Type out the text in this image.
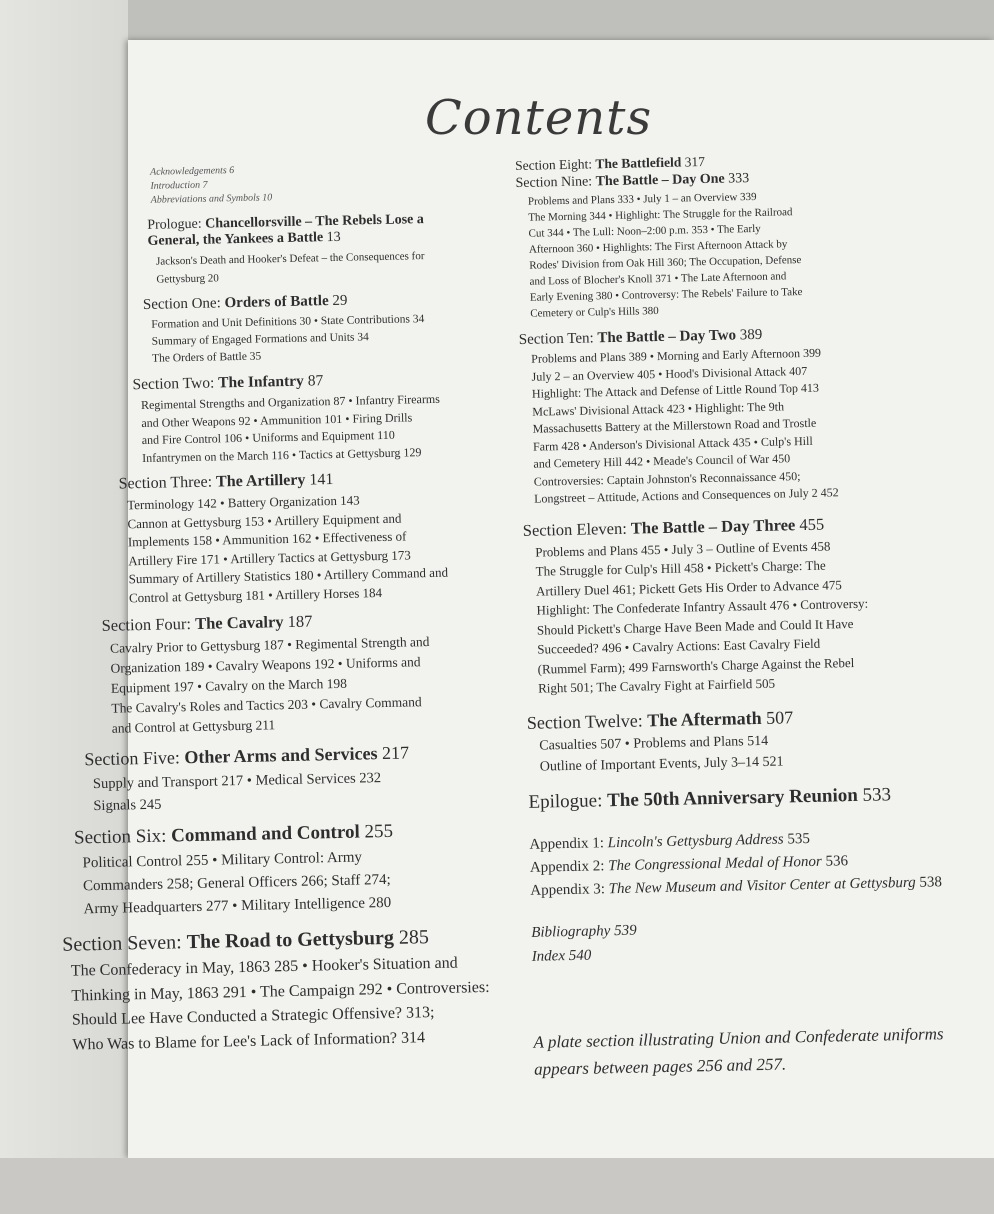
Contents

Acknowledgements 6

Introduction 7

Abbreviations and Symbols 10

Prologue: Chancellorsville – The Rebels Lose a

General, the Yankees a Battle 13

Jackson's Death and Hooker's Defeat – the Consequences for

Gettysburg 20

Section One: Orders of Battle 29

Formation and Unit Definitions 30 • State Contributions 34

Summary of Engaged Formations and Units 34

The Orders of Battle 35

Section Two: The Infantry 87

Regimental Strengths and Organization 87 • Infantry Firearms

and Other Weapons 92 • Ammunition 101 • Firing Drills

and Fire Control 106 • Uniforms and Equipment 110

Infantrymen on the March 116 • Tactics at Gettysburg 129

Section Three: The Artillery 141

Terminology 142 • Battery Organization 143

Cannon at Gettysburg 153 • Artillery Equipment and

Implements 158 • Ammunition 162 • Effectiveness of

Artillery Fire 171 • Artillery Tactics at Gettysburg 173

Summary of Artillery Statistics 180 • Artillery Command and

Control at Gettysburg 181 • Artillery Horses 184

Section Four: The Cavalry 187

Cavalry Prior to Gettysburg 187 • Regimental Strength and

Organization 189 • Cavalry Weapons 192 • Uniforms and

Equipment 197 • Cavalry on the March 198

The Cavalry's Roles and Tactics 203 • Cavalry Command

and Control at Gettysburg 211

Section Five: Other Arms and Services 217

Supply and Transport 217 • Medical Services 232

Signals 245

Section Six: Command and Control 255

Political Control 255 • Military Control: Army

Commanders 258; General Officers 266; Staff 274;

Army Headquarters 277 • Military Intelligence 280

Section Seven: The Road to Gettysburg 285

The Confederacy in May, 1863 285 • Hooker's Situation and

Thinking in May, 1863 291 • The Campaign 292 • Controversies:

Should Lee Have Conducted a Strategic Offensive? 313;

Who Was to Blame for Lee's Lack of Information? 314

Section Eight: The Battlefield 317

Section Nine: The Battle – Day One 333

Problems and Plans 333 • July 1 – an Overview 339

The Morning 344 • Highlight: The Struggle for the Railroad

Cut 344 • The Lull: Noon–2:00 p.m. 353 • The Early

Afternoon 360 • Highlights: The First Afternoon Attack by

Rodes' Division from Oak Hill 360; The Occupation, Defense

and Loss of Blocher's Knoll 371 • The Late Afternoon and

Early Evening 380 • Controversy: The Rebels' Failure to Take

Cemetery or Culp's Hills 380

Section Ten: The Battle – Day Two 389

Problems and Plans 389 • Morning and Early Afternoon 399

July 2 – an Overview 405 • Hood's Divisional Attack 407

Highlight: The Attack and Defense of Little Round Top 413

McLaws' Divisional Attack 423 • Highlight: The 9th

Massachusetts Battery at the Millerstown Road and Trostle

Farm 428 • Anderson's Divisional Attack 435 • Culp's Hill

and Cemetery Hill 442 • Meade's Council of War 450

Controversies: Captain Johnston's Reconnaissance 450;

Longstreet – Attitude, Actions and Consequences on July 2 452

Section Eleven: The Battle – Day Three 455

Problems and Plans 455 • July 3 – Outline of Events 458

The Struggle for Culp's Hill 458 • Pickett's Charge: The

Artillery Duel 461; Pickett Gets His Order to Advance 475

Highlight: The Confederate Infantry Assault 476 • Controversy:

Should Pickett's Charge Have Been Made and Could It Have

Succeeded? 496 • Cavalry Actions: East Cavalry Field

(Rummel Farm); 499 Farnsworth's Charge Against the Rebel

Right 501; The Cavalry Fight at Fairfield 505

Section Twelve: The Aftermath 507

Casualties 507 • Problems and Plans 514

Outline of Important Events, July 3–14 521

Epilogue: The 50th Anniversary Reunion 533

Appendix 1: Lincoln's Gettysburg Address 535

Appendix 2: The Congressional Medal of Honor 536

Appendix 3: The New Museum and Visitor Center at Gettysburg 538

Bibliography 539

Index 540

A plate section illustrating Union and Confederate uniforms

appears between pages 256 and 257.
